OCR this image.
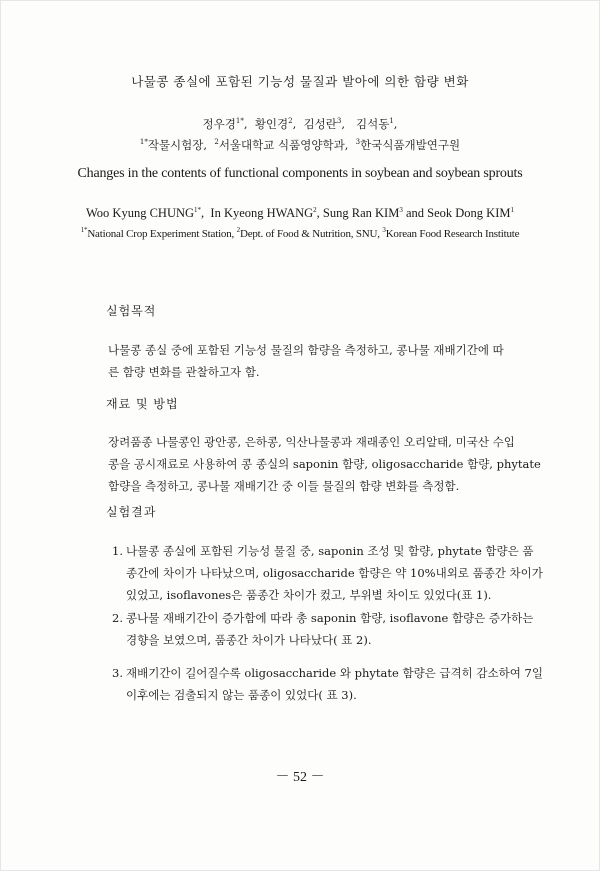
나물콩 종실에 포함된 기능성 물질과 발아에 의한 함량 변화
정우경$^{1*}$,  황인경$^2$,  김성란$^3$,   김석동$^1$,
$^{1*}$작물시험장,  $^2$서울대학교 식품영양학과,  $^3$한국식품개발연구원
Changes in the contents of functional components in soybean and soybean sprouts
Woo Kyung $CHUNG^{1*}$,  In Kyeong HWANG$^2$, Sung Ran KIM$^3$ and Seok Dong KIM$^1$
$^{1*}$National Crop Experiment Station, $^2$Dept. of Food & Nutrition, SNU, $^3$Korean Food Research Institute
실험목적

나물콩 종실 중에 포함된 기능성 물질의 함량을 측정하고, 콩나물 재배기간에 따

른 함량 변화를 관찰하고자 함.

재료 및 방법

장려품종 나물콩인 광안콩, 은하콩, 익산나물콩과 재래종인 오리알태, 미국산 수입

콩을 공시재료로 사용하여 콩 종실의 saponin 함량, oligosaccharide 함량, phytate

함량을 측정하고, 콩나물 재배기간 중 이들 물질의 함량 변화를 측정함.

실험결과
1. 나물콩 종실에 포함된 기능성 물질 중, saponin 조성 및 함량, phytate 함량은 품

종간에 차이가 나타났으며, oligosaccharide 함량은 약 10%내외로 품종간 차이가

있었고, isoflavones은 품종간 차이가 컸고, 부위별 차이도 있었다(표 1).

2. 콩나물 재배기간이 증가함에 따라 총 saponin 함량, isoflavone 함량은 증가하는

경향을 보였으며, 품종간 차이가 나타났다( 표 2).

3. 재배기간이 길어질수록 oligosaccharide 와 phytate 함량은 급격히 감소하여 7일

이후에는 검출되지 않는 품종이 있었다( 표 3).

－ 52 －
